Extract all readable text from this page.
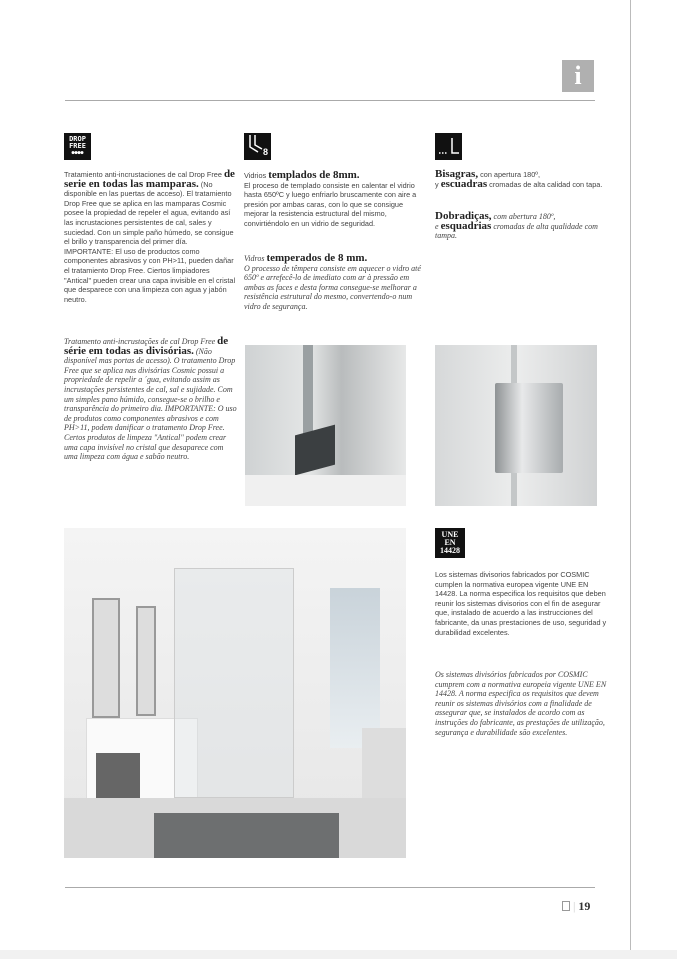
i
DROP
FREE
●●●●
Tratamiento anti-incrustaciones de cal Drop Free de serie en todas las mamparas. (No disponible en las puertas de acceso). El tratamiento Drop Free que se aplica en las mamparas Cosmic posee la propiedad de repeler el agua, evitando así las incrustaciones persistentes de cal, sales y suciedad. Con un simple paño húmedo, se consigue el brillo y transparencia del primer día. IMPORTANTE: El uso de productos como componentes abrasivos y con PH>11, pueden dañar el tratamiento Drop Free. Ciertos limpiadores "Antical" pueden crear una capa invisible en el cristal que desparece con una limpieza con agua y jabón neutro.
Tratamento anti-incrustações de cal Drop Free de série em todas as divisórias. (Não disponível mas portas de acesso). O tratamento Drop Free que se aplica nas divisórias Cosmic possui a propriedade de repelir a ´gua, evitando assim as incrustações persistentes de cal, sal e sujidade. Com um simples pano húmido, consegue-se o brilho e transparência do primeiro dia. IMPORTANTE: O uso de produtos como componentes abrasivos e com PH>11, podem danificar o tratamento Drop Free. Certos produtos de limpeza "Antical" podem crear uma capa invisível no cristal que desaparece com uma limpeza com água e sabão neutro.
8
Vidrios templados de 8mm.
El proceso de templado consiste en calentar el vidrio hasta 650ºC y luego enfriarlo bruscamente con aire a presión por ambas caras, con lo que se consigue mejorar la resistencia estructural del mismo, convirtiéndolo en un vidrio de seguridad.
Vidros temperados de 8 mm.
O processo de têmpera consiste em aquecer o vidro até 650º e arrefecê-lo de imediato com ar à pressão em ambas as faces e desta forma consegue-se melhorar a resistência estrutural do mesmo, convertendo-o num vidro de segurança.
Bisagras, con apertura 180º,
y escuadras cromadas de alta calidad con tapa.
Dobradiças, com abertura 180º,
e esquadrias cromadas de alta qualidade com tampa.
UNE
EN
14428
Los sistemas divisorios fabricados por COSMIC cumplen la normativa europea vigente UNE EN 14428. La norma especifica los requisitos que deben reunir los sistemas divisorios con el fin de asegurar que, instalado de acuerdo a las instrucciones del fabricante, da unas prestaciones de uso, seguridad y durabilidad excelentes.
Os sistemas divisórios fabricados por COSMIC cumprem com a normativa europeia vigente UNE EN 14428. A norma especifica os requisitos que devem reunir os sistemas divisórios com a finalidade de assegurar que, se instalados de acordo com as instruções do fabricante, as prestações de utilização, segurança e durabilidade são excelentes.
| 19
